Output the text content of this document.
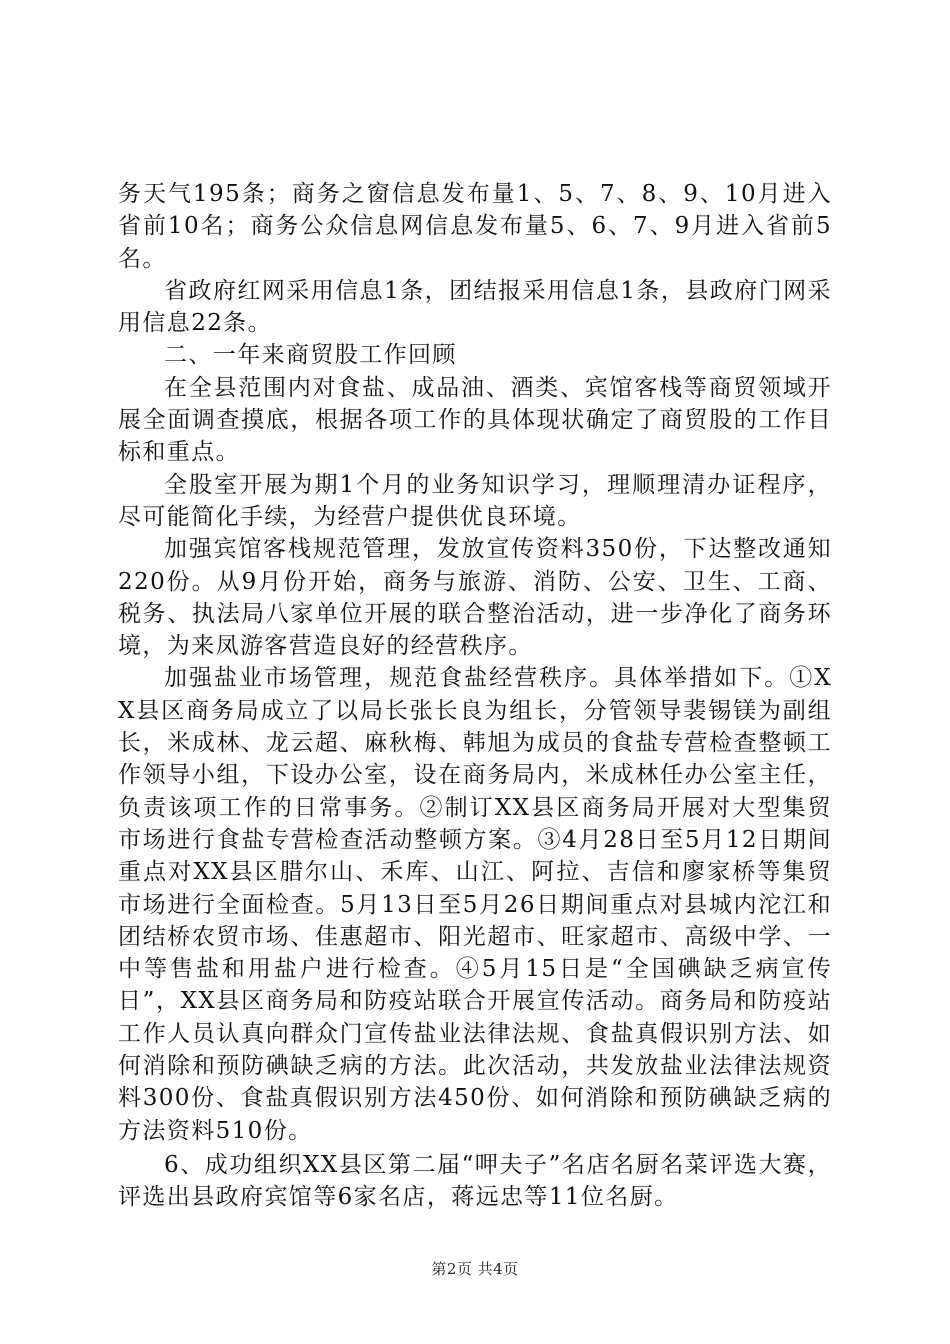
务天气195条；商务之窗信息发布量1、5、7、8、9、10月进入省前10名；商务公众信息网信息发布量5、6、7、9月进入省前5名。

省政府红网采用信息1条，团结报采用信息1条，县政府门网采用信息22条。

二、一年来商贸股工作回顾

在全县范围内对食盐、成品油、酒类、宾馆客栈等商贸领域开展全面调查摸底，根据各项工作的具体现状确定了商贸股的工作目标和重点。

全股室开展为期1个月的业务知识学习，理顺理清办证程序，尽可能简化手续，为经营户提供优良环境。

加强宾馆客栈规范管理，发放宣传资料350份，下达整改通知220份。从9月份开始，商务与旅游、消防、公安、卫生、工商、税务、执法局八家单位开展的联合整治活动，进一步净化了商务环境，为来凤游客营造良好的经营秩序。

加强盐业市场管理，规范食盐经营秩序。具体举措如下。①XX县区商务局成立了以局长张长良为组长，分管领导裴锡镁为副组长，米成林、龙云超、麻秋梅、韩旭为成员的食盐专营检查整顿工作领导小组，下设办公室，设在商务局内，米成林任办公室主任，负责该项工作的日常事务。②制订XX县区商务局开展对大型集贸市场进行食盐专营检查活动整顿方案。③4月28日至5月12日期间重点对XX县区腊尔山、禾库、山江、阿拉、吉信和廖家桥等集贸市场进行全面检查。5月13日至5月26日期间重点对县城内沱江和团结桥农贸市场、佳惠超市、阳光超市、旺家超市、高级中学、一中等售盐和用盐户进行检查。④5月15日是“全国碘缺乏病宣传日”，XX县区商务局和防疫站联合开展宣传活动。商务局和防疫站工作人员认真向群众门宣传盐业法律法规、食盐真假识别方法、如何消除和预防碘缺乏病的方法。此次活动，共发放盐业法律法规资料300份、食盐真假识别方法450份、如何消除和预防碘缺乏病的方法资料510份。

6、成功组织XX县区第二届“呷夫子”名店名厨名菜评选大赛，评选出县政府宾馆等6家名店，蒋远忠等11位名厨。

第2页 共4页
